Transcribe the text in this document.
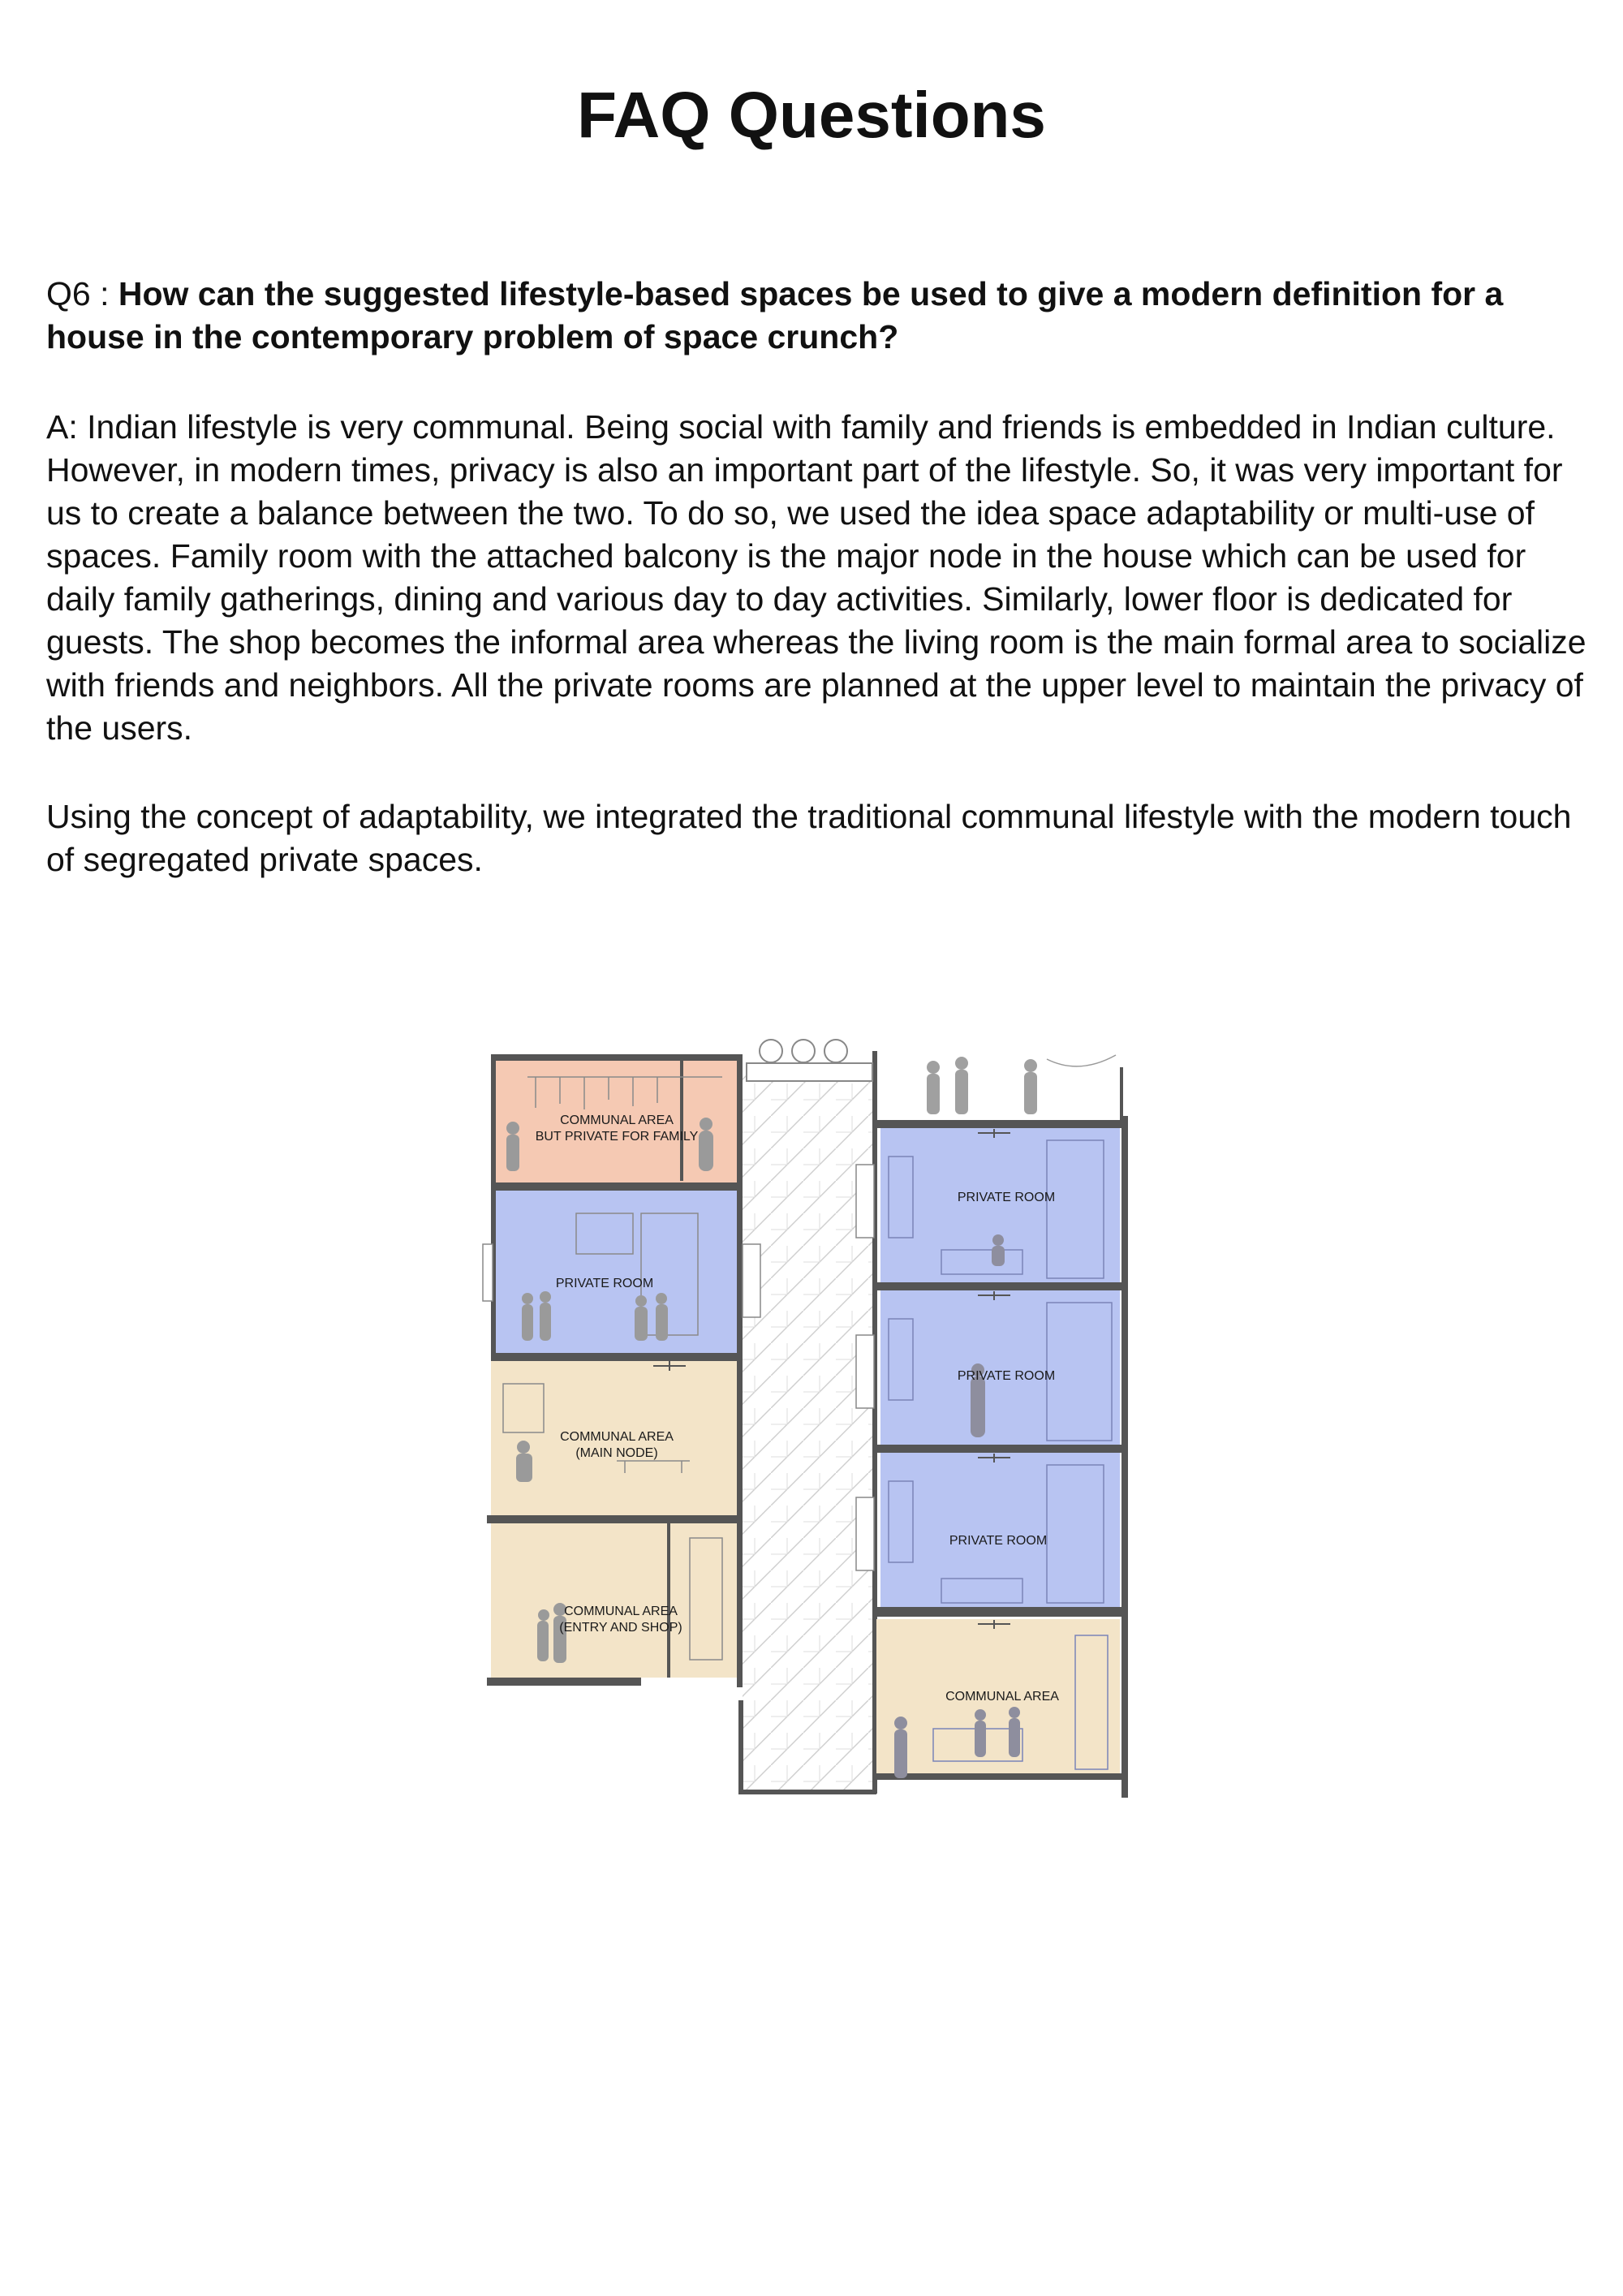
FAQ Questions

Q6 : How can the suggested lifestyle-based spaces be used to give a modern definition for a house in the contemporary problem of space crunch?

A: Indian lifestyle is very communal. Being social with family and friends is embedded in Indian culture. However, in modern times, privacy is also an important part of the lifestyle. So, it was very important for us to create a balance between the two. To do so, we used the idea space adaptability or multi-use of spaces. Family room with the attached balcony is the major node in the house which can be used for daily family gatherings, dining and various day to day activities. Similarly, lower floor is dedicated for guests. The shop becomes the informal area whereas the living room is the main formal area to socialize with friends and neighbors. All the private rooms are planned at the upper level to maintain the privacy of the users.

Using the concept of adaptability, we integrated the traditional communal lifestyle with the modern touch of segregated private spaces.

COMMUNAL AREA
BUT PRIVATE FOR FAMILY
PRIVATE ROOM
COMMUNAL AREA
(MAIN NODE)
COMMUNAL AREA
(ENTRY AND SHOP)
PRIVATE ROOM
PRIVATE ROOM
PRIVATE ROOM
COMMUNAL AREA
